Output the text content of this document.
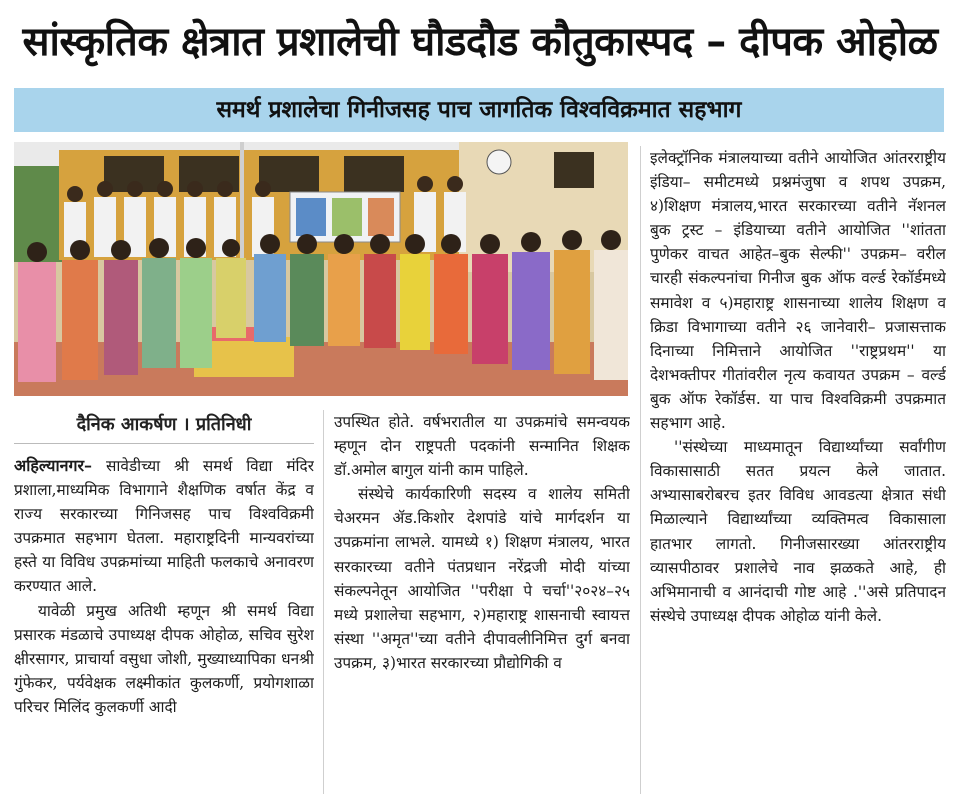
सांस्कृतिक क्षेत्रात प्रशालेची घौडदौड कौतुकास्पद – दीपक ओहोळ
समर्थ प्रशालेचा गिनीजसह पाच जागतिक विश्वविक्रमात सहभाग
दैनिक आकर्षण । प्रतिनिधी

अहिल्यानगर– सावेडीच्या श्री समर्थ विद्या मंदिर प्रशाला,माध्यमिक विभागाने शैक्षणिक वर्षात केंद्र व राज्य सरकारच्या गिनिजसह पाच विश्वविक्रमी उपक्रमात सहभाग घेतला. महाराष्ट्रदिनी मान्यवरांच्या हस्ते या विविध उपक्रमांच्या माहिती फलकाचे अनावरण करण्यात आले.

यावेळी प्रमुख अतिथी म्हणून श्री समर्थ विद्या प्रसारक मंडळाचे उपाध्यक्ष दीपक ओहोळ, सचिव सुरेश क्षीरसागर, प्राचार्या वसुधा जोशी, मुख्याध्यापिका धनश्री गुंफेकर, पर्यवेक्षक लक्ष्मीकांत कुलकर्णी, प्रयोगशाळा परिचर मिलिंद कुलकर्णी आदी

उपस्थित होते. वर्षभरातील या उपक्रमांचे समन्वयक म्हणून दोन राष्ट्रपती पदकांनी सन्मानित शिक्षक डॉ.अमोल बागुल यांनी काम पाहिले.

संस्थेचे कार्यकारिणी सदस्य व शालेय समिती चेअरमन ॲड.किशोर देशपांडे यांचे मार्गदर्शन या उपक्रमांना लाभले. यामध्ये १) शिक्षण मंत्रालय, भारत सरकारच्या वतीने पंतप्रधान नरेंद्रजी मोदी यांच्या संकल्पनेतून आयोजित ''परीक्षा पे चर्चा''२०२४–२५ मध्ये प्रशालेचा सहभाग, २)महाराष्ट्र शासनाची स्वायत्त संस्था ''अमृत''च्या वतीने दीपावलीनिमित्त दुर्ग बनवा उपक्रम, ३)भारत सरकारच्या प्रौद्योगिकी व

इलेक्ट्रॉनिक मंत्रालयाच्या वतीने आयोजित आंतरराष्ट्रीय इंडिया– समीटमध्ये प्रश्नमंजुषा व शपथ उपक्रम, ४)शिक्षण मंत्रालय,भारत सरकारच्या वतीने नॅशनल बुक ट्रस्ट – इंडियाच्या वतीने आयोजित ''शांतता पुणेकर वाचत आहेत–बुक सेल्फी'' उपक्रम– वरील चारही संकल्पनांचा गिनीज बुक ऑफ वर्ल्ड रेकॉर्डमध्ये समावेश व ५)महाराष्ट्र शासनाच्या शालेय शिक्षण व क्रिडा विभागाच्या वतीने २६ जानेवारी– प्रजासत्ताक दिनाच्या निमित्ताने आयोजित ''राष्ट्रप्रथम'' या देशभक्तीपर गीतांवरील नृत्य कवायत उपक्रम – वर्ल्ड बुक ऑफ रेकॉर्डस. या पाच विश्वविक्रमी उपक्रमात सहभाग आहे.

''संस्थेच्या माध्यमातून विद्यार्थ्यांच्या सर्वांगीण विकासासाठी सतत प्रयत्न केले जातात. अभ्यासाबरोबरच इतर विविध आवडत्या क्षेत्रात संधी मिळाल्याने विद्यार्थ्यांच्या व्यक्तिमत्व विकासाला हातभार लागतो. गिनीजसारख्या आंतरराष्ट्रीय व्यासपीठावर प्रशालेचे नाव झळकते आहे, ही अभिमानाची व आनंदाची गोष्ट आहे .''असे प्रतिपादन संस्थेचे उपाध्यक्ष दीपक ओहोळ यांनी केले.
